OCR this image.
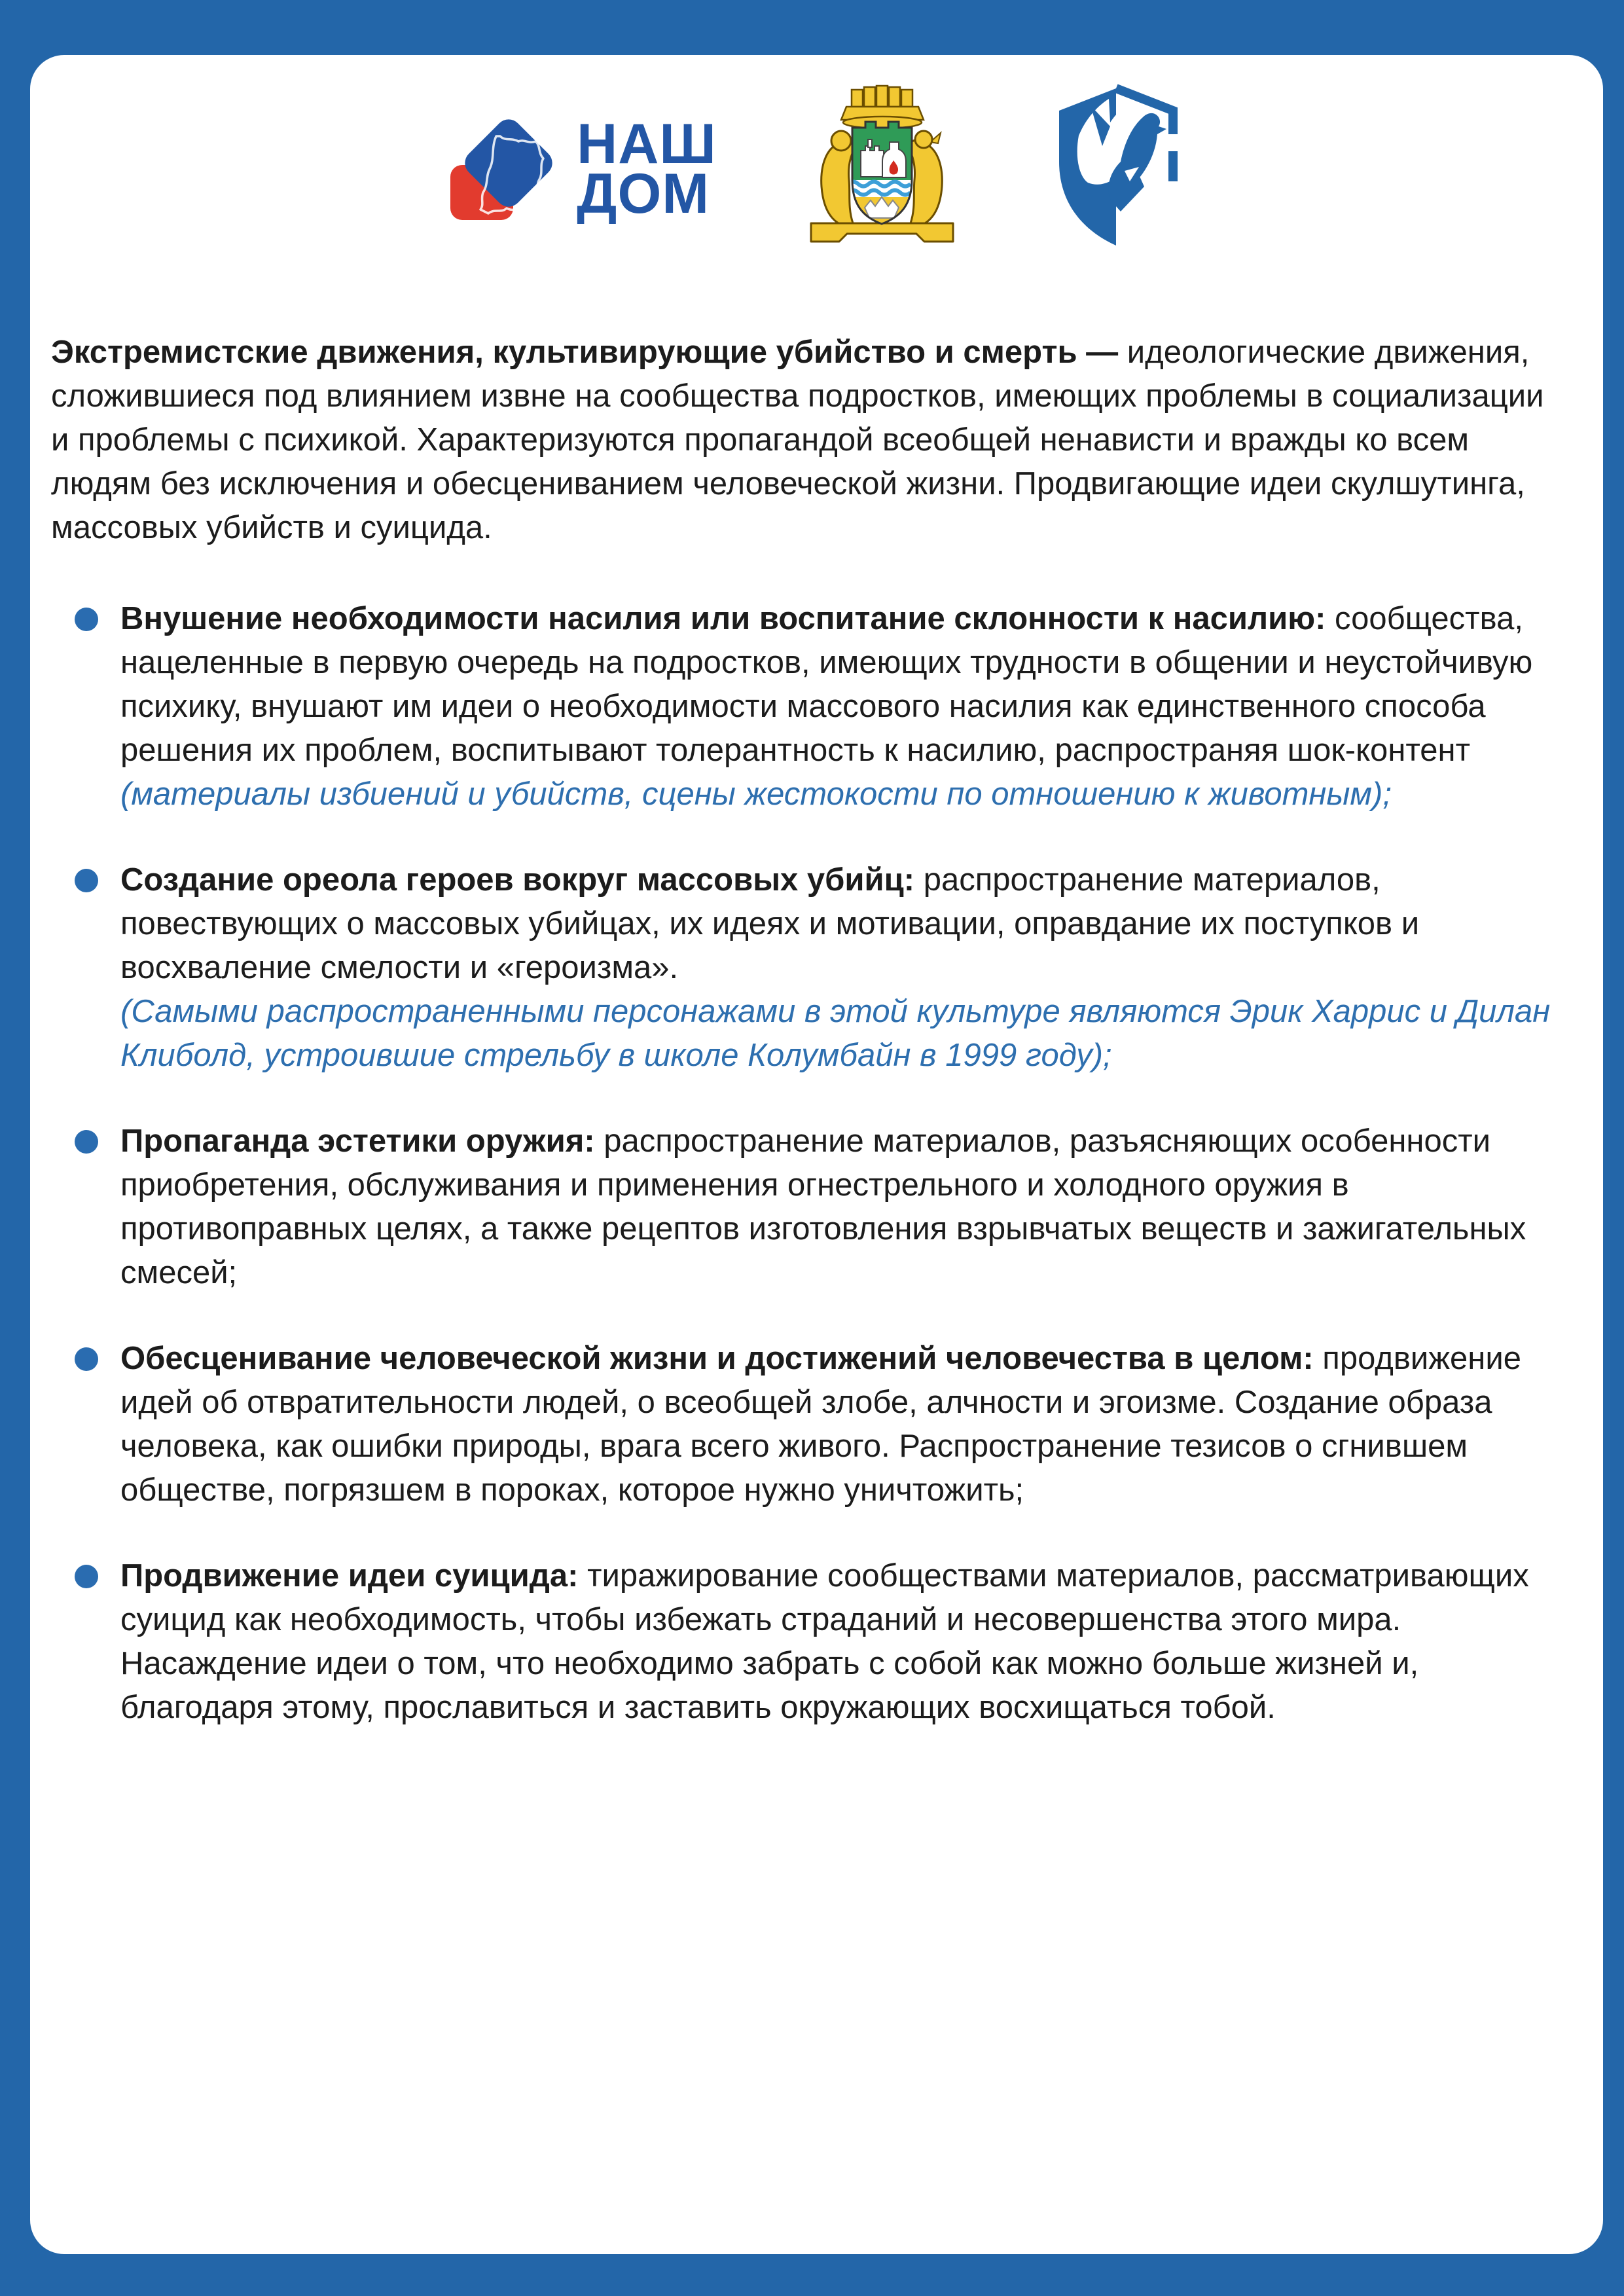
НАШ
ДОМ

Экстремистские движения, культивирующие убийство и смерть — идеологические движения, сложившиеся под влиянием извне на сообщества подростков, имеющих проблемы в социализации и проблемы с психикой. Характеризуются пропагандой всеобщей ненависти и вражды ко всем людям без исключения и обесцениванием человеческой жизни. Продвигающие идеи скулшутинга, массовых убийств и суицида.

Внушение необходимости насилия или воспитание склонности к насилию: сообщества, нацеленные в первую очередь на подростков, имеющих трудности в общении и неустойчивую психику, внушают им идеи о необходимости массового насилия как единственного способа решения их проблем, воспитывают толерантность к насилию, распространяя шок-контент (материалы избиений и убийств, сцены жестокости по отношению к животным);
Создание ореола героев вокруг массовых убийц: распространение материалов, повествующих о массовых убийцах, их идеях и мотивации, оправдание их поступков и восхваление смелости и «героизма».
(Самыми распространенными персонажами в этой культуре являются Эрик Харрис и Дилан Клиболд, устроившие стрельбу в школе Колумбайн в 1999 году);
Пропаганда эстетики оружия: распространение материалов, разъясняющих особенности приобретения, обслуживания и применения огнестрельного и холодного оружия в противоправных целях, а также рецептов изготовления взрывчатых веществ и зажигательных смесей;
Обесценивание человеческой жизни и достижений человечества в целом: продвижение идей об отвратительности людей, о всеобщей злобе, алчности и эгоизме. Создание образа человека, как ошибки природы, врага всего живого. Распространение тезисов о сгнившем обществе, погрязшем в пороках, которое нужно уничтожить;
Продвижение идеи суицида: тиражирование сообществами материалов, рассматривающих суицид как необходимость, чтобы избежать страданий и несовершенства этого мира. Насаждение идеи о том, что необходимо забрать с собой как можно больше жизней и, благодаря этому, прославиться и заставить окружающих восхищаться тобой.
